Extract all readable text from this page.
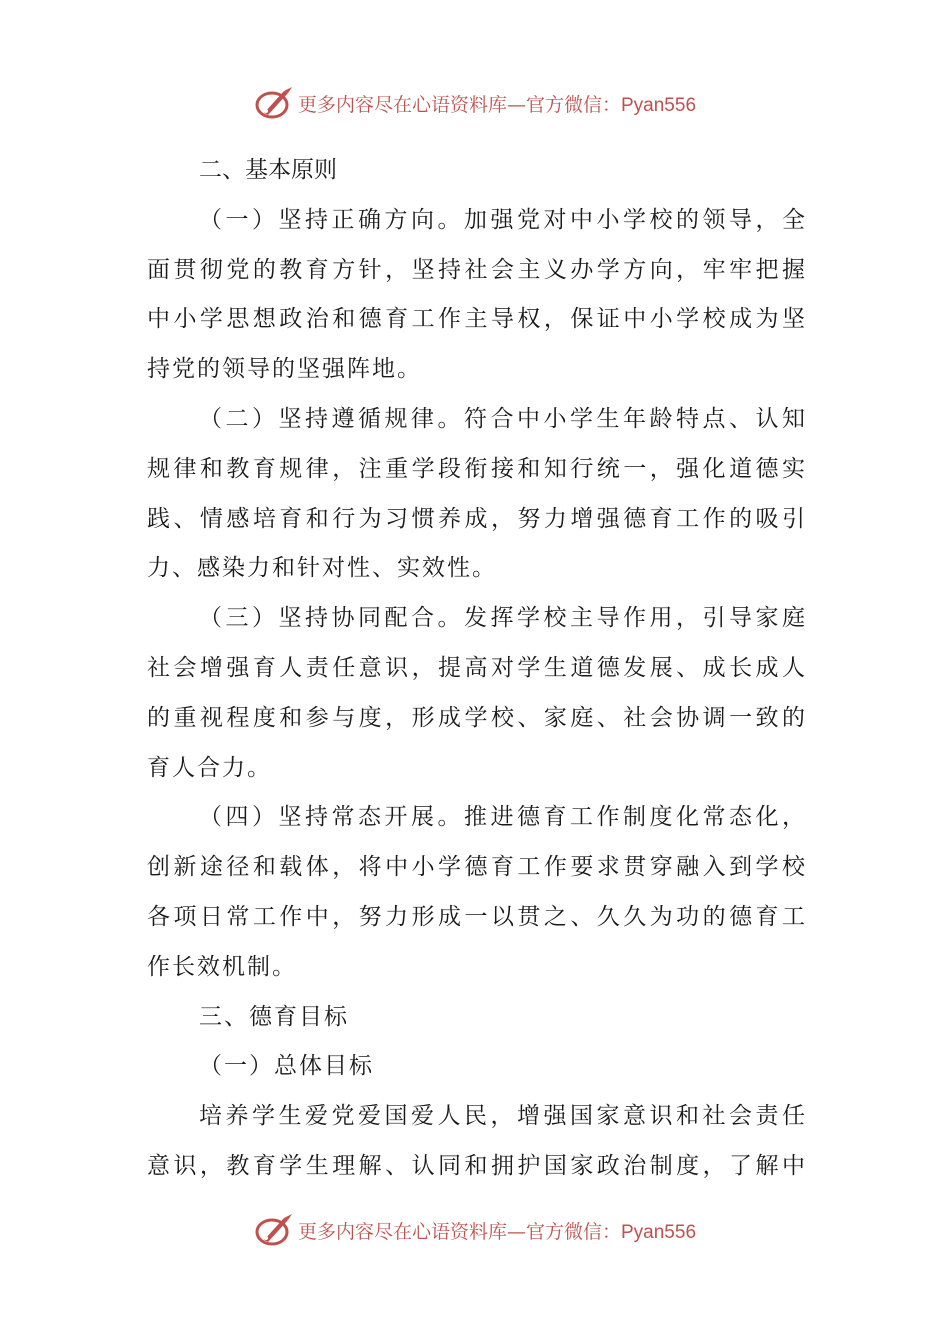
更多内容尽在心语资料库—官方微信：Pyan556
二、基本原则
（一）坚持正确方向。加强党对中小学校的领导，全
面贯彻党的教育方针，坚持社会主义办学方向，牢牢把握
中小学思想政治和德育工作主导权，保证中小学校成为坚
持党的领导的坚强阵地。
（二）坚持遵循规律。符合中小学生年龄特点、认知
规律和教育规律，注重学段衔接和知行统一，强化道德实
践、情感培育和行为习惯养成，努力增强德育工作的吸引
力、感染力和针对性、实效性。
（三）坚持协同配合。发挥学校主导作用，引导家庭
社会增强育人责任意识，提高对学生道德发展、成长成人
的重视程度和参与度，形成学校、家庭、社会协调一致的
育人合力。
（四）坚持常态开展。推进德育工作制度化常态化，
创新途径和载体，将中小学德育工作要求贯穿融入到学校
各项日常工作中，努力形成一以贯之、久久为功的德育工
作长效机制。
三、德育目标
（一）总体目标
培养学生爱党爱国爱人民，增强国家意识和社会责任
意识，教育学生理解、认同和拥护国家政治制度，了解中
更多内容尽在心语资料库—官方微信：Pyan556
